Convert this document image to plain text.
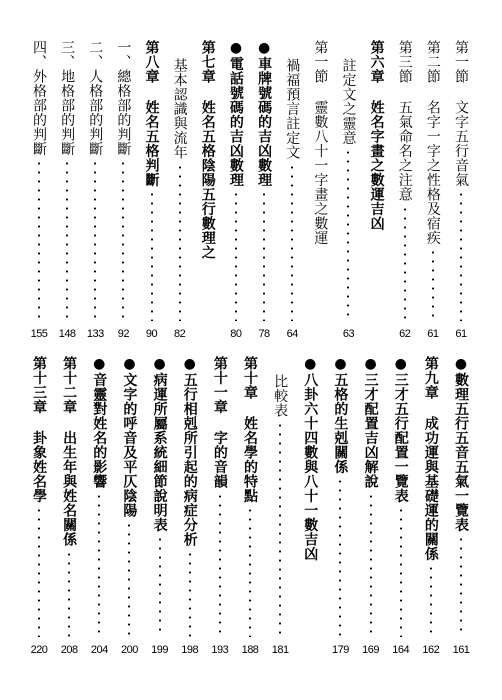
第一節 文字五行音氣
61
第二節 名字一字之性格及宿疾
61
第三節 五氣命名之注意
62
第六章 姓名字畫之數運吉凶
註定文之靈意
63
第一節 靈數八十一字畫之數運
禍福預言註定文
64
●車牌號碼的吉凶數理
78
●電話號碼的吉凶數理
80
第七章 姓名五格陰陽五行數理之
基本認識與流年
82
第八章 姓名五格判斷
90
一、總格部的判斷
92
二、人格部的判斷
133
三、地格部的判斷
148
四、外格部的判斷
155
●數理五行五音五氣一覽表
161
第九章 成功運與基礎運的關係
162
●三才五行配置一覽表
164
●三才配置吉凶解說
169
●五格的生剋關係
179
●八卦六十四數與八十一數吉凶
比較表
181
第十章 姓名學的特點
188
第十一章 字的音韻
193
●五行相剋所引起的病症分析
198
●病運所屬系統細節說明表
199
●文字的呼音及平仄陰陽
200
●音靈對姓名的影響
204
第十二章 出生年與姓名關係
208
第十三章 卦象姓名學
220
